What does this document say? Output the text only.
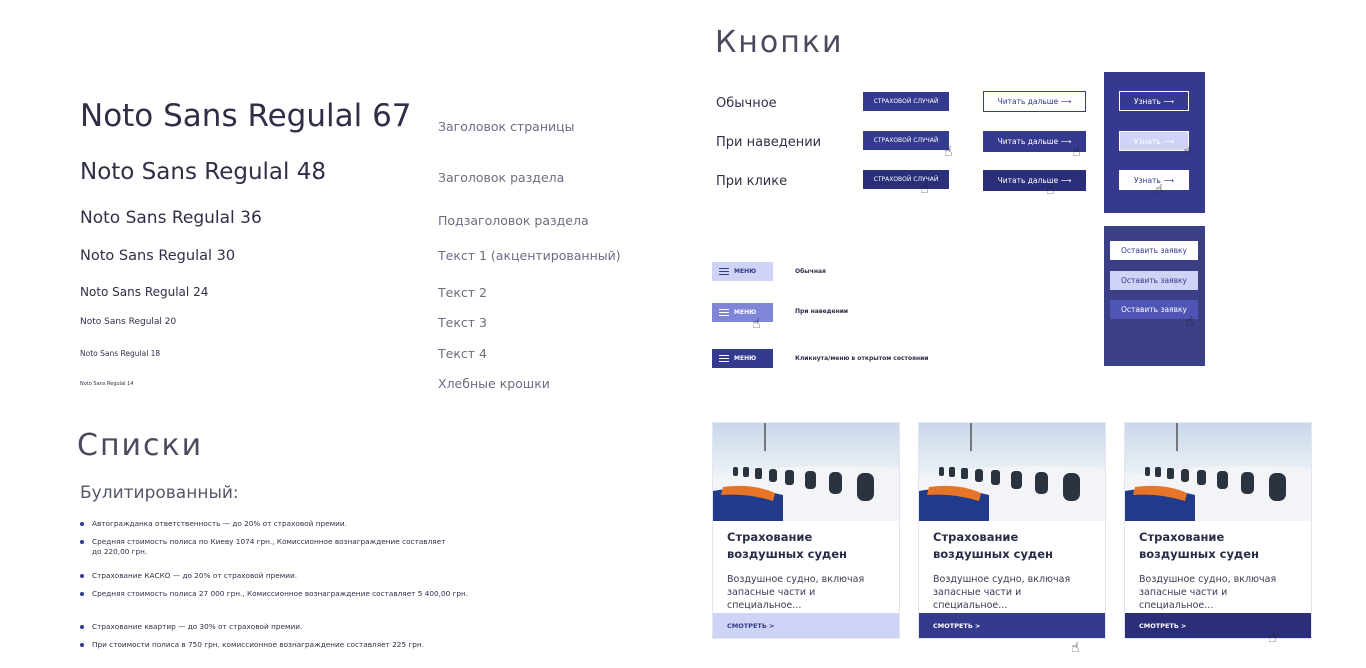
Noto Sans Regulal 67 Заголовок страницы
Noto Sans Regulal 48	Заголовок раздела
Noto Sans Regulal 36	Подзаголовок раздела
Noto Sans Regulal 30	Текст 1 (акцентированный)
Noto Sans Regulal 24	Текст 2
Noto Sans Regulal 20	Текст 3
Noto Sans Regulal 18	Текст 4
Noto Sans Regulal 14	Хлебные крошки
Списки
Булитированный:
Автогражданка ответственность — до 20% от страховой премии.
Средняя стоимость полиса по Киеву 1074 грн., Комиссионное вознаграждение составляет до 220,00 грн.
Страхование КАСКО — до 20% от страховой премии.
Средняя стоимость полиса 27 000 грн., Комиссионное вознаграждение составляет 5 400,00 грн.
Страхование квартир — до 30% от страховой премии.
При стоимости полиса в 750 грн. комиссионное вознаграждение составляет 225 грн.
Кнопки
Обычное
При наведении
При клике
СТРАХОВОЙ СЛУЧАЙ
СТРАХОВОЙ СЛУЧАЙ
СТРАХОВОЙ СЛУЧАЙ
Читать дальше ⟶
Читать дальше ⟶
Читать дальше ⟶
Узнать ⟶
Узнать ⟶
Узнать ⟶
☝
☝
☝
☝
☝
☝
МЕНЮ
МЕНЮ
МЕНЮ
☝
Обычная
При наведении
Кликнута/меню в открытом состоянии
Оставить заявку
Оставить заявку
Оставить заявку
☝
Страхование воздушных суден
Воздушное судно, включая запасные части и специальное...
СМОТРЕТЬ >
Страхование воздушных суден
Воздушное судно, включая запасные части и специальное...
СМОТРЕТЬ >
Страхование воздушных суден
Воздушное судно, включая запасные части и специальное...
СМОТРЕТЬ >
☝
☝
